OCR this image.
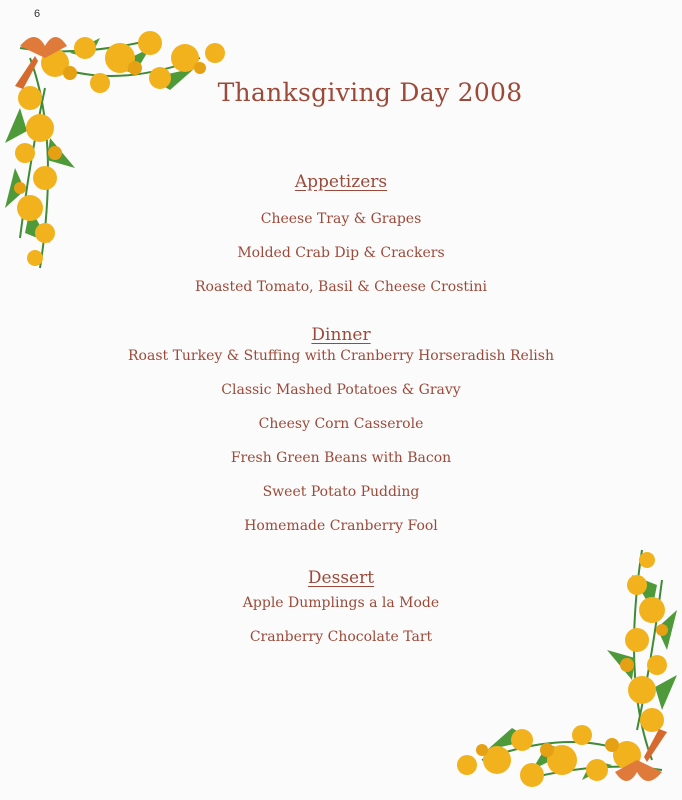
6
Thanksgiving Day 2008

Appetizers

Cheese Tray & Grapes

Molded Crab Dip & Crackers

Roasted Tomato, Basil & Cheese Crostini

Dinner

Roast Turkey & Stuffing with Cranberry Horseradish Relish

Classic Mashed Potatoes & Gravy

Cheesy Corn Casserole

Fresh Green Beans with Bacon

Sweet Potato Pudding

Homemade Cranberry Fool

Dessert

Apple Dumplings a la Mode

Cranberry Chocolate Tart
